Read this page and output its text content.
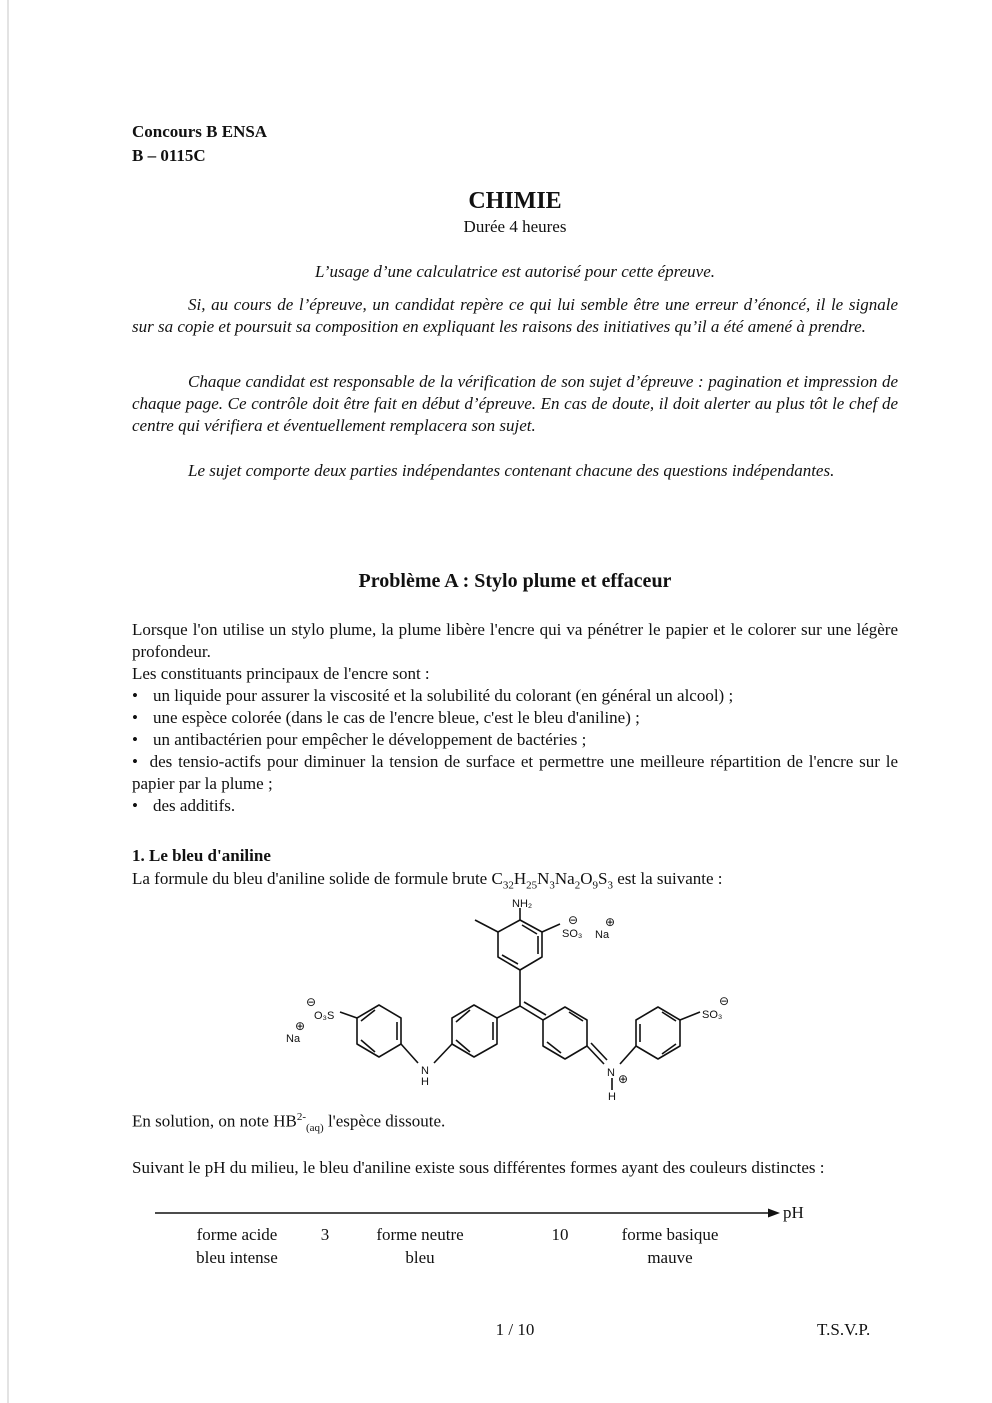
Concours B ENSA
B – 0115C
CHIMIE
Durée 4 heures
L’usage d’une calculatrice est autorisé pour cette épreuve.
Si, au cours de l’épreuve, un candidat repère ce qui lui semble être une erreur d’énoncé, il le signale sur sa copie et poursuit sa composition en expliquant les raisons des initiatives qu’il a été amené à prendre.
Chaque candidat est responsable de la vérification de son sujet d’épreuve : pagination et impression de chaque page. Ce contrôle doit être fait en début d’épreuve. En cas de doute, il doit alerter au plus tôt le chef de centre qui vérifiera et éventuellement remplacera son sujet.
Le sujet comporte deux parties indépendantes contenant chacune des questions indépendantes.
Problème A : Stylo plume et effaceur
Lorsque l'on utilise un stylo plume, la plume libère l'encre qui va pénétrer le papier et le colorer sur une légère profondeur.
Les constituants principaux de l'encre sont :
• un liquide pour assurer la viscosité et la solubilité du colorant (en général un alcool) ;
• une espèce colorée (dans le cas de l'encre bleue, c'est le bleu d'aniline) ;
• un antibactérien pour empêcher le développement de bactéries ;
• des tensio-actifs pour diminuer la tension de surface et permettre une meilleure répartition de l'encre sur le papier par la plume ;
• des additifs.
1. Le bleu d'aniline
La formule du bleu d'aniline solide de formule brute $C_{32}H_{25}N_3Na_2O_9S_3$ est la suivante :
NH₂
SO₃
⊖
Na
⊕
⊖
O₃S
⊕
Na
SO₃
⊖
N
H
N ⊕
H
En solution, on note $HB^{2-}_{(aq)}$ l'espèce dissoute.
Suivant le pH du milieu, le bleu d'aniline existe sous différentes formes ayant des couleurs distinctes :
pH
forme acide
bleu intense
3	forme neutre
bleu
10	forme basique
mauve
1 / 10	T.S.V.P.
